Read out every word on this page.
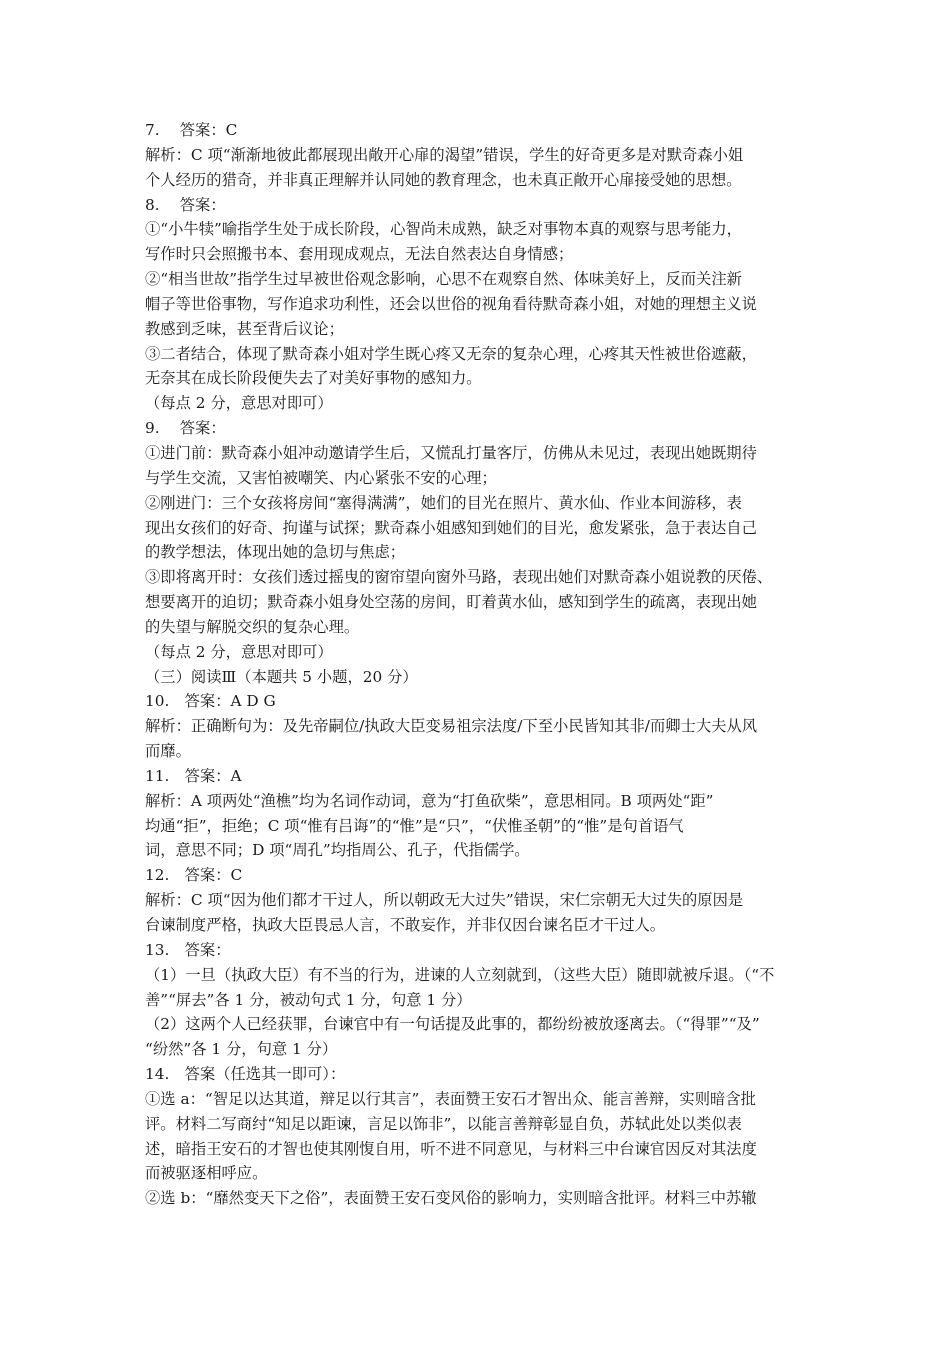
7.　 答案：C
解析：C 项“渐渐地彼此都展现出敞开心扉的渴望”错误，学生的好奇更多是对默奇森小姐
个人经历的猎奇，并非真正理解并认同她的教育理念，也未真正敞开心扉接受她的思想。
8.　 答案：
①“小牛犊”喻指学生处于成长阶段，心智尚未成熟，缺乏对事物本真的观察与思考能力，
写作时只会照搬书本、套用现成观点，无法自然表达自身情感；
②“相当世故”指学生过早被世俗观念影响，心思不在观察自然、体味美好上，反而关注新
帽子等世俗事物，写作追求功利性，还会以世俗的视角看待默奇森小姐，对她的理想主义说
教感到乏味，甚至背后议论；
③二者结合，体现了默奇森小姐对学生既心疼又无奈的复杂心理，心疼其天性被世俗遮蔽，
无奈其在成长阶段便失去了对美好事物的感知力。
（每点 2 分，意思对即可）
9.　 答案：
①进门前：默奇森小姐冲动邀请学生后，又慌乱打量客厅，仿佛从未见过，表现出她既期待
与学生交流，又害怕被嘲笑、内心紧张不安的心理；
②刚进门：三个女孩将房间“塞得满满”，她们的目光在照片、黄水仙、作业本间游移，表
现出女孩们的好奇、拘谨与试探；默奇森小姐感知到她们的目光，愈发紧张，急于表达自己
的教学想法，体现出她的急切与焦虑；
③即将离开时：女孩们透过摇曳的窗帘望向窗外马路，表现出她们对默奇森小姐说教的厌倦、
想要离开的迫切；默奇森小姐身处空荡的房间，盯着黄水仙，感知到学生的疏离，表现出她
的失望与解脱交织的复杂心理。
（每点 2 分，意思对即可）
（三）阅读Ⅲ（本题共 5 小题，20 分）
10.　答案：A D G
解析：正确断句为：及先帝嗣位/执政大臣变易祖宗法度/下至小民皆知其非/而卿士大夫从风
而靡。
11.　答案：A
解析：A 项两处“渔樵”均为名词作动词，意为“打鱼砍柴”，意思相同。B 项两处“距”
均通“拒”，拒绝；C 项“惟有吕诲”的“惟”是“只”，“伏惟圣朝”的“惟”是句首语气
词，意思不同；D 项“周孔”均指周公、孔子，代指儒学。
12.　答案：C
解析：C 项“因为他们都才干过人，所以朝政无大过失”错误，宋仁宗朝无大过失的原因是
台谏制度严格，执政大臣畏忌人言，不敢妄作，并非仅因台谏名臣才干过人。
13.　答案：
（1）一旦（执政大臣）有不当的行为，进谏的人立刻就到，（这些大臣）随即就被斥退。（“不
善”“屏去”各 1 分，被动句式 1 分，句意 1 分）
（2）这两个人已经获罪，台谏官中有一句话提及此事的，都纷纷被放逐离去。（“得罪”“及”
“纷然”各 1 分，句意 1 分）
14.　答案（任选其一即可）：
①选 a：“智足以达其道，辩足以行其言”，表面赞王安石才智出众、能言善辩，实则暗含批
评。材料二写商纣“知足以距谏，言足以饰非”，以能言善辩彰显自负，苏轼此处以类似表
述，暗指王安石的才智也使其刚愎自用，听不进不同意见，与材料三中台谏官因反对其法度
而被驱逐相呼应。
②选 b：“靡然变天下之俗”，表面赞王安石变风俗的影响力，实则暗含批评。材料三中苏辙
